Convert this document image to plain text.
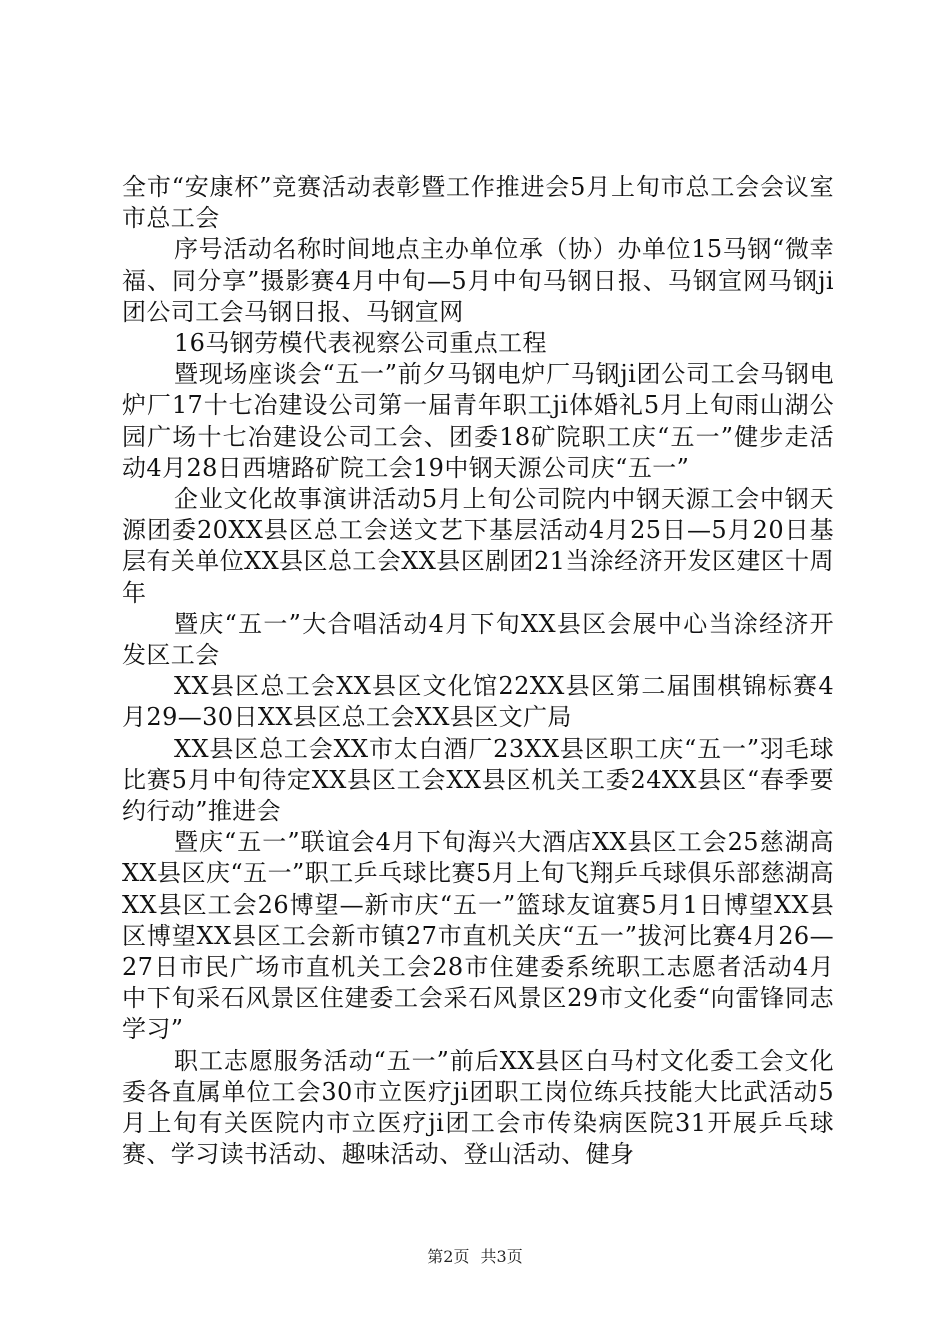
全市“安康杯”竞赛活动表彰暨工作推进会5月上旬市总工会会议室市总工会

序号活动名称时间地点主办单位承（协）办单位15马钢“微幸福、同分享”摄影赛4月中旬—5月中旬马钢日报、马钢宣网马钢ji团公司工会马钢日报、马钢宣网

16马钢劳模代表视察公司重点工程

暨现场座谈会“五一”前夕马钢电炉厂马钢ji团公司工会马钢电炉厂17十七冶建设公司第一届青年职工ji体婚礼5月上旬雨山湖公园广场十七冶建设公司工会、团委18矿院职工庆“五一”健步走活动4月28日西塘路矿院工会19中钢天源公司庆“五一”

企业文化故事演讲活动5月上旬公司院内中钢天源工会中钢天源团委20XX县区总工会送文艺下基层活动4月25日—5月20日基层有关单位XX县区总工会XX县区剧团21当涂经济开发区建区十周年

暨庆“五一”大合唱活动4月下旬XX县区会展中心当涂经济开发区工会

XX县区总工会XX县区文化馆22XX县区第二届围棋锦标赛4月29—30日XX县区总工会XX县区文广局

XX县区总工会XX市太白酒厂23XX县区职工庆“五一”羽毛球比赛5月中旬待定XX县区工会XX县区机关工委24XX县区“春季要约行动”推进会

暨庆“五一”联谊会4月下旬海兴大酒店XX县区工会25慈湖高XX县区庆“五一”职工乒乓球比赛5月上旬飞翔乒乓球俱乐部慈湖高XX县区工会26博望—新市庆“五一”篮球友谊赛5月1日博望XX县区博望XX县区工会新市镇27市直机关庆“五一”拔河比赛4月26—27日市民广场市直机关工会28市住建委系统职工志愿者活动4月中下旬采石风景区住建委工会采石风景区29市文化委“向雷锋同志学习”

职工志愿服务活动“五一”前后XX县区白马村文化委工会文化委各直属单位工会30市立医疗ji团职工岗位练兵技能大比武活动5月上旬有关医院内市立医疗ji团工会市传染病医院31开展乒乓球赛、学习读书活动、趣味活动、登山活动、健身

第2页 共3页
